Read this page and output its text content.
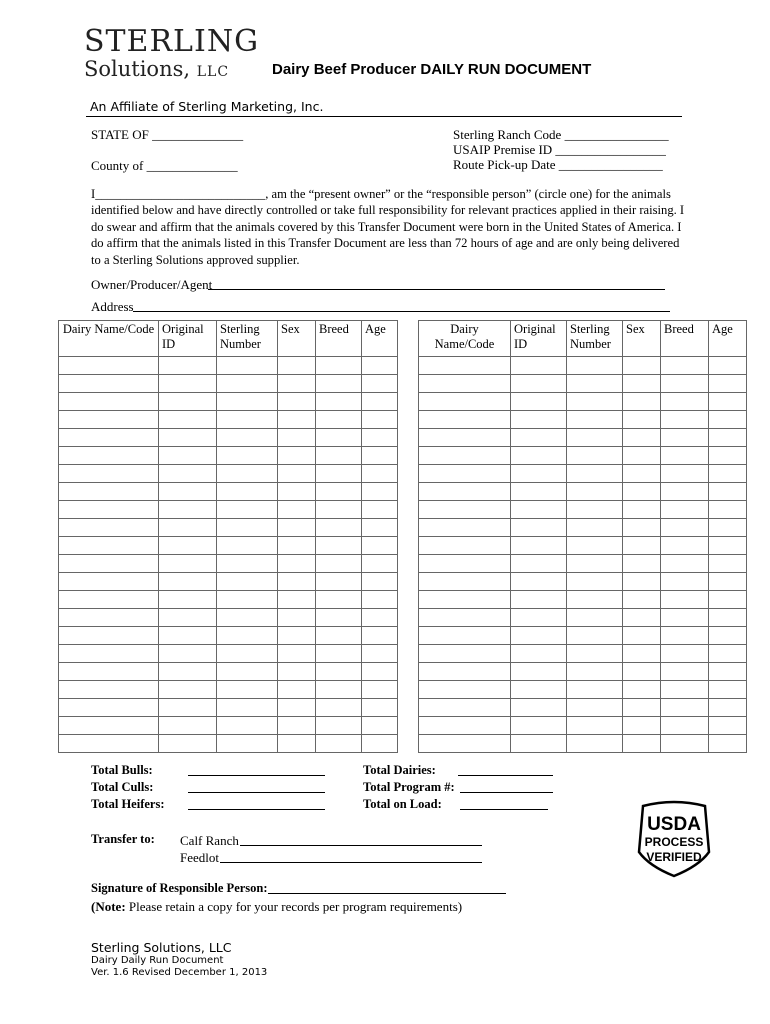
STERLING
Solutions, LLC	Dairy Beef Producer DAILY RUN DOCUMENT
An Affiliate of Sterling Marketing, Inc.
STATE OF ______________
County of ______________
Sterling Ranch Code ________________
USAIP Premise ID _________________
Route Pick-up Date ________________
I___________________________, am the “present owner” or the “responsible person” (circle one) for the animals identified below and have directly controlled or take full responsibility for relevant practices applied in their raising. I do swear and affirm that the animals covered by this Transfer Document were born in the United States of America. I do affirm that the animals listed in this Transfer Document are less than 72 hours of age and are only being delivered to a Sterling Solutions approved supplier.
Owner/Producer/Agent
Address
Dairy Name/Code	Original ID	Sterling Number	Sex	Breed	Age

						Dairy Name/Code	Original ID	Sterling Number	Sex	Breed	Age

Total Bulls:
Total Culls:
Total Heifers:
Total Dairies:
Total Program #:
Total on Load:
Transfer to: Calf Ranch
Feedlot
Signature of Responsible Person:
(Note: Please retain a copy for your records per program requirements)
USDA
PROCESS
VERIFIED
Sterling Solutions, LLC
Dairy Daily Run Document
Ver. 1.6 Revised December 1, 2013
